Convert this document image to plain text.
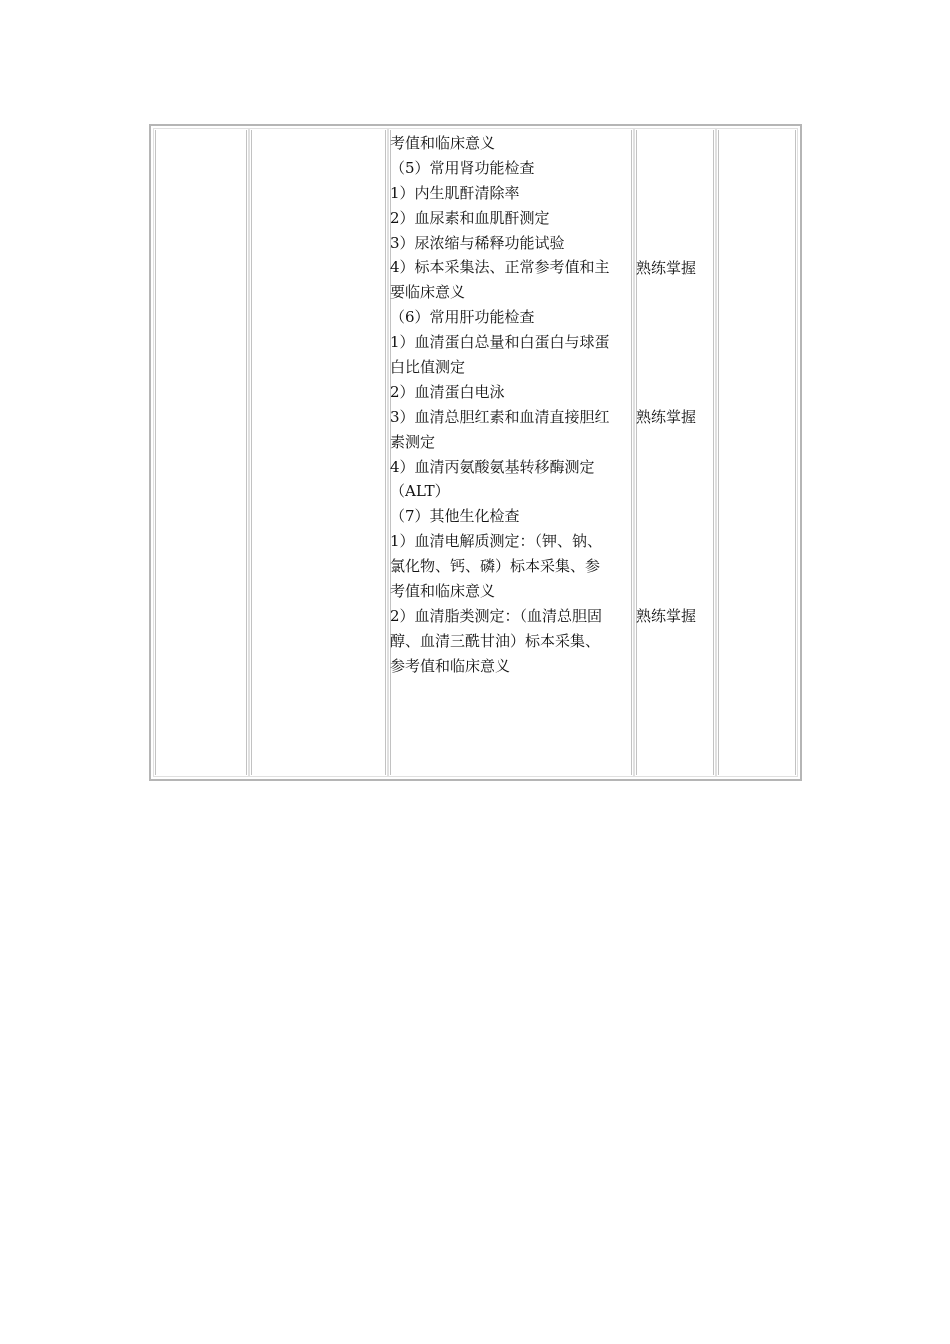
考值和临床意义
（5）常用肾功能检查
1）内生肌酐清除率
2）血尿素和血肌酐测定
3）尿浓缩与稀释功能试验
4）标本采集法、正常参考值和主
要临床意义
（6）常用肝功能检查
1）血清蛋白总量和白蛋白与球蛋
白比值测定
2）血清蛋白电泳
3）血清总胆红素和血清直接胆红
素测定
4）血清丙氨酸氨基转移酶测定
（ALT）
（7）其他生化检查
1）血清电解质测定：（钾、钠、
氯化物、钙、磷）标本采集、参
考值和临床意义
2）血清脂类测定：（血清总胆固
醇、血清三酰甘油）标本采集、
参考值和临床意义
熟练掌握
熟练掌握
熟练掌握
